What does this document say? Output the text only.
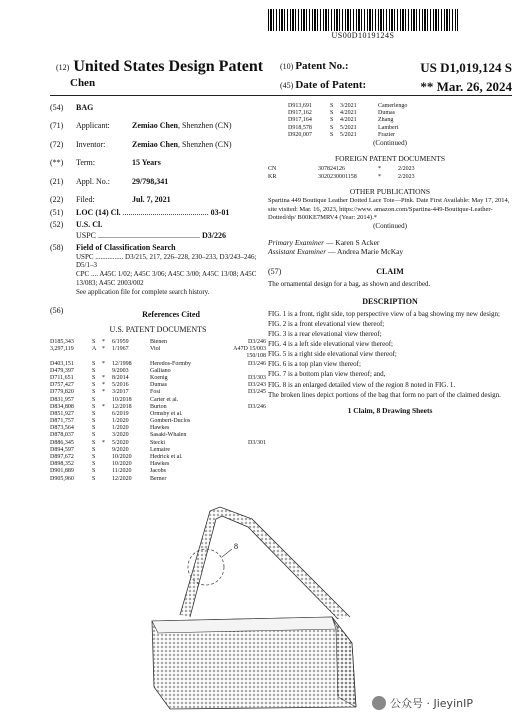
US00D1019124S
(12) United States Design Patent
Chen
(10) Patent No.:	US D1,019,124 S
(45) Date of Patent:	** Mar. 26, 2024
(54)	BAG
(71)	Applicant:	Zemiao Chen, Shenzhen (CN)
(72)	Inventor:	Zemiao Chen, Shenzhen (CN)
(**)	Term:	15 Years
(21)	Appl. No.:	29/798,341
(22)	Filed:	Jul. 7, 2021
(51)	LOC (14) Cl. ........................................... 03-01
(52)	U.S. Cl.
USPC ................................................... D3/226
(58)	Field of Classification Search
USPC ................ D3/215, 217, 226–228, 230–233, D3/243–246; D5/1–3
CPC .... A45C 1/02; A45C 3/06; A45C 3/00; A45C 13/08; A45C 13/083; A45C 2003/002
See application file for complete search history.
(56)	References Cited
U.S. PATENT DOCUMENTS
D185,343	S	*	6/1959	Bienen	D3/246
3,297,119	A *	1/1967	Viol	A47D 15/003
150/108
D403,151	S	*	12/1998	Heredos-Formby	D3/246
D479,397	S	9/2003	Galliano
D711,651	S	*	8/2014	Koenig	D3/303
D757,427	S	*	5/2016	Dumas	D3/243
D779,820	S	*	3/2017	Fosi	D3/245
D831,957	S	10/2018	Carter et al.
D834,808	S	*	12/2018	Burton	D3/246
D851,927	S	6/2019	Ormsby et al.
D871,757	S	1/2020	Gombert-Duclos
D873,564	S	1/2020	Hawkes
D878,037	S	3/2020	Sasaki-Whalen
D886,345	S	*	5/2020	Stecki	D3/301
D894,597	S	9/2020	Lemaire
D897,672	S	10/2020	Hedrick et al.
D898,352	S	10/2020	Hawkes
D901,889	S	11/2020	Jacobs
D905,960	S	12/2020	Berner
D913,691	S	3/2021	Camerlengo
D917,162	S	4/2021	Dumas
D917,164	S	4/2021	Zhang
D918,578	S	5/2021	Lambert
D920,007	S	5/2021	Frazier
(Continued)
FOREIGN PATENT DOCUMENTS
CN	307824126	*	2/2023
KR	3020230001158	*	2/2023
OTHER PUBLICATIONS
Spartina 449 Boutique Leather Dotted Lace Tote—Pink. Date First Available: May 17, 2014, site visited: Mar. 16, 2023, https://www. amazon.com/Spartina-449-Boutique-Leather-Dotted/dp/ B00KE7MRV4 (Year: 2014).*
(Continued)
Primary Examiner — Karen S Acker
Assistant Examiner — Andrea Marie McKay
(57)	CLAIM
The ornamental design for a bag, as shown and described.
DESCRIPTION

FIG. 1 is a front, right side, top perspective view of a bag showing my new design;

FIG. 2 is a front elevational view thereof;

FIG. 3 is a rear elevational view thereof;

FIG. 4 is a left side elevational view thereof;

FIG. 5 is a right side elevational view thereof;

FIG. 6 is a top plan view thereof;

FIG. 7 is a bottom plan view thereof; and,

FIG. 8 is an enlarged detailed view of the region 8 noted in FIG. 1.

The broken lines depict portions of the bag that form no part of the claimed design.

1 Claim, 8 Drawing Sheets
8
公众号 · JieyinIP
